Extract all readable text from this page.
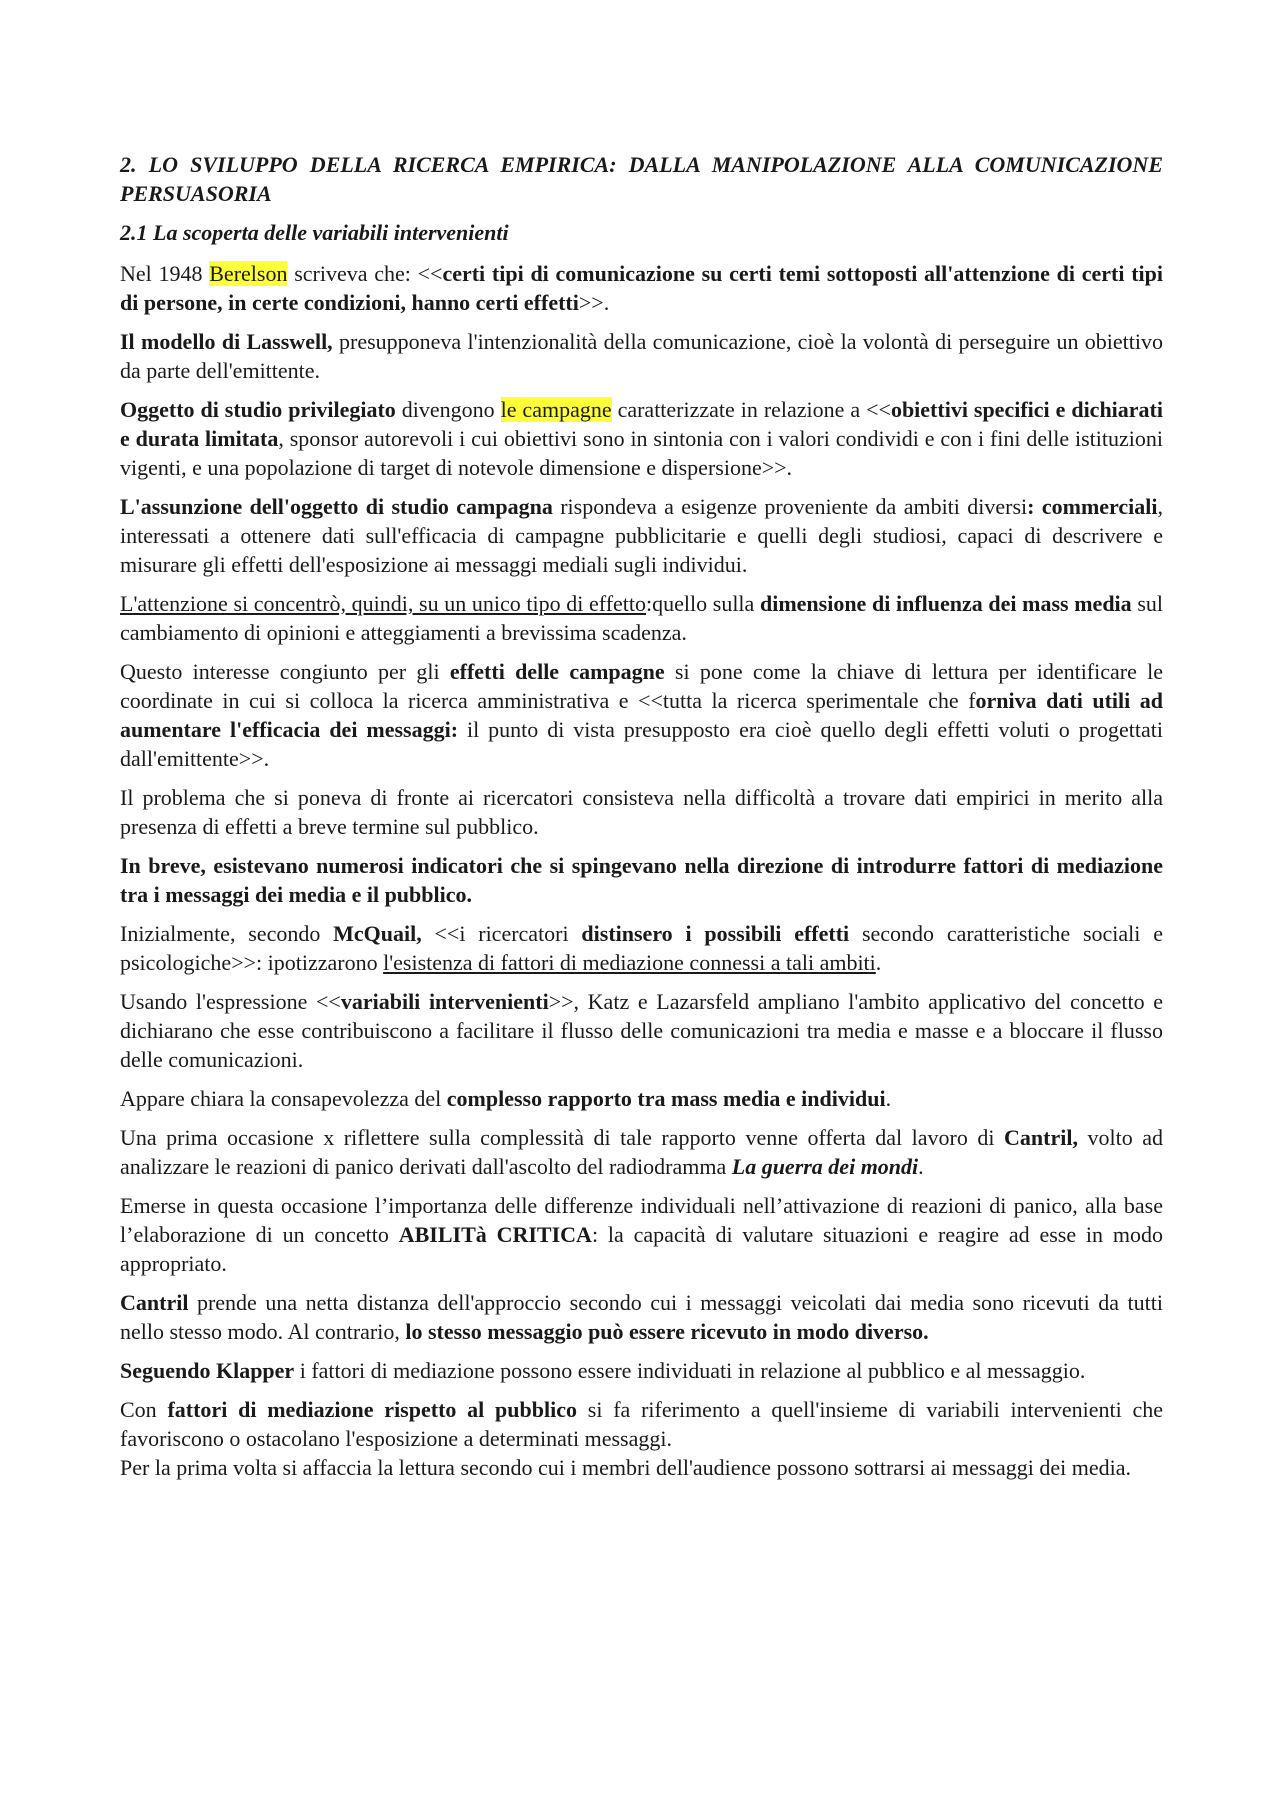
2. LO SVILUPPO DELLA RICERCA EMPIRICA: DALLA MANIPOLAZIONE ALLA COMUNICAZIONE PERSUASORIA

2.1 La scoperta delle variabili intervenienti

Nel 1948 Berelson scriveva che: <<certi tipi di comunicazione su certi temi sottoposti all'attenzione di certi tipi di persone, in certe condizioni, hanno certi effetti>>.

Il modello di Lasswell, presupponeva l'intenzionalità della comunicazione, cioè la volontà di perseguire un obiettivo da parte dell'emittente.

Oggetto di studio privilegiato divengono le campagne caratterizzate in relazione a <<obiettivi specifici e dichiarati e durata limitata, sponsor autorevoli i cui obiettivi sono in sintonia con i valori condividi e con i fini delle istituzioni vigenti, e una popolazione di target di notevole dimensione e dispersione>>.

L'assunzione dell'oggetto di studio campagna rispondeva a esigenze proveniente da ambiti diversi: commerciali, interessati a ottenere dati sull'efficacia di campagne pubblicitarie e quelli degli studiosi, capaci di descrivere e misurare gli effetti dell'esposizione ai messaggi mediali sugli individui.

L'attenzione si concentrò, quindi, su un unico tipo di effetto:quello sulla dimensione di influenza dei mass media sul cambiamento di opinioni e atteggiamenti a brevissima scadenza.

Questo interesse congiunto per gli effetti delle campagne si pone come la chiave di lettura per identificare le coordinate in cui si colloca la ricerca amministrativa e <<tutta la ricerca sperimentale che forniva dati utili ad aumentare l'efficacia dei messaggi: il punto di vista presupposto era cioè quello degli effetti voluti o progettati dall'emittente>>.

Il problema che si poneva di fronte ai ricercatori consisteva nella difficoltà a trovare dati empirici in merito alla presenza di effetti a breve termine sul pubblico.

In breve, esistevano numerosi indicatori che si spingevano nella direzione di introdurre fattori di mediazione tra i messaggi dei media e il pubblico.

Inizialmente, secondo McQuail, <<i ricercatori distinsero i possibili effetti secondo caratteristiche sociali e psicologiche>>: ipotizzarono l'esistenza di fattori di mediazione connessi a tali ambiti.

Usando l'espressione <<variabili intervenienti>>, Katz e Lazarsfeld ampliano l'ambito applicativo del concetto e dichiarano che esse contribuiscono a facilitare il flusso delle comunicazioni tra media e masse e a bloccare il flusso delle comunicazioni.

Appare chiara la consapevolezza del complesso rapporto tra mass media e individui.

Una prima occasione x riflettere sulla complessità di tale rapporto venne offerta dal lavoro di Cantril, volto ad analizzare le reazioni di panico derivati dall'ascolto del radiodramma La guerra dei mondi.

Emerse in questa occasione l’importanza delle differenze individuali nell’attivazione di reazioni di panico, alla base l’elaborazione di un concetto ABILITà CRITICA: la capacità di valutare situazioni e reagire ad esse in modo appropriato.

Cantril prende una netta distanza dell'approccio secondo cui i messaggi veicolati dai media sono ricevuti da tutti nello stesso modo. Al contrario, lo stesso messaggio può essere ricevuto in modo diverso.

Seguendo Klapper i fattori di mediazione possono essere individuati in relazione al pubblico e al messaggio.

Con fattori di mediazione rispetto al pubblico si fa riferimento a quell'insieme di variabili intervenienti che favoriscono o ostacolano l'esposizione a determinati messaggi.
Per la prima volta si affaccia la lettura secondo cui i membri dell'audience possono sottrarsi ai messaggi dei media.
